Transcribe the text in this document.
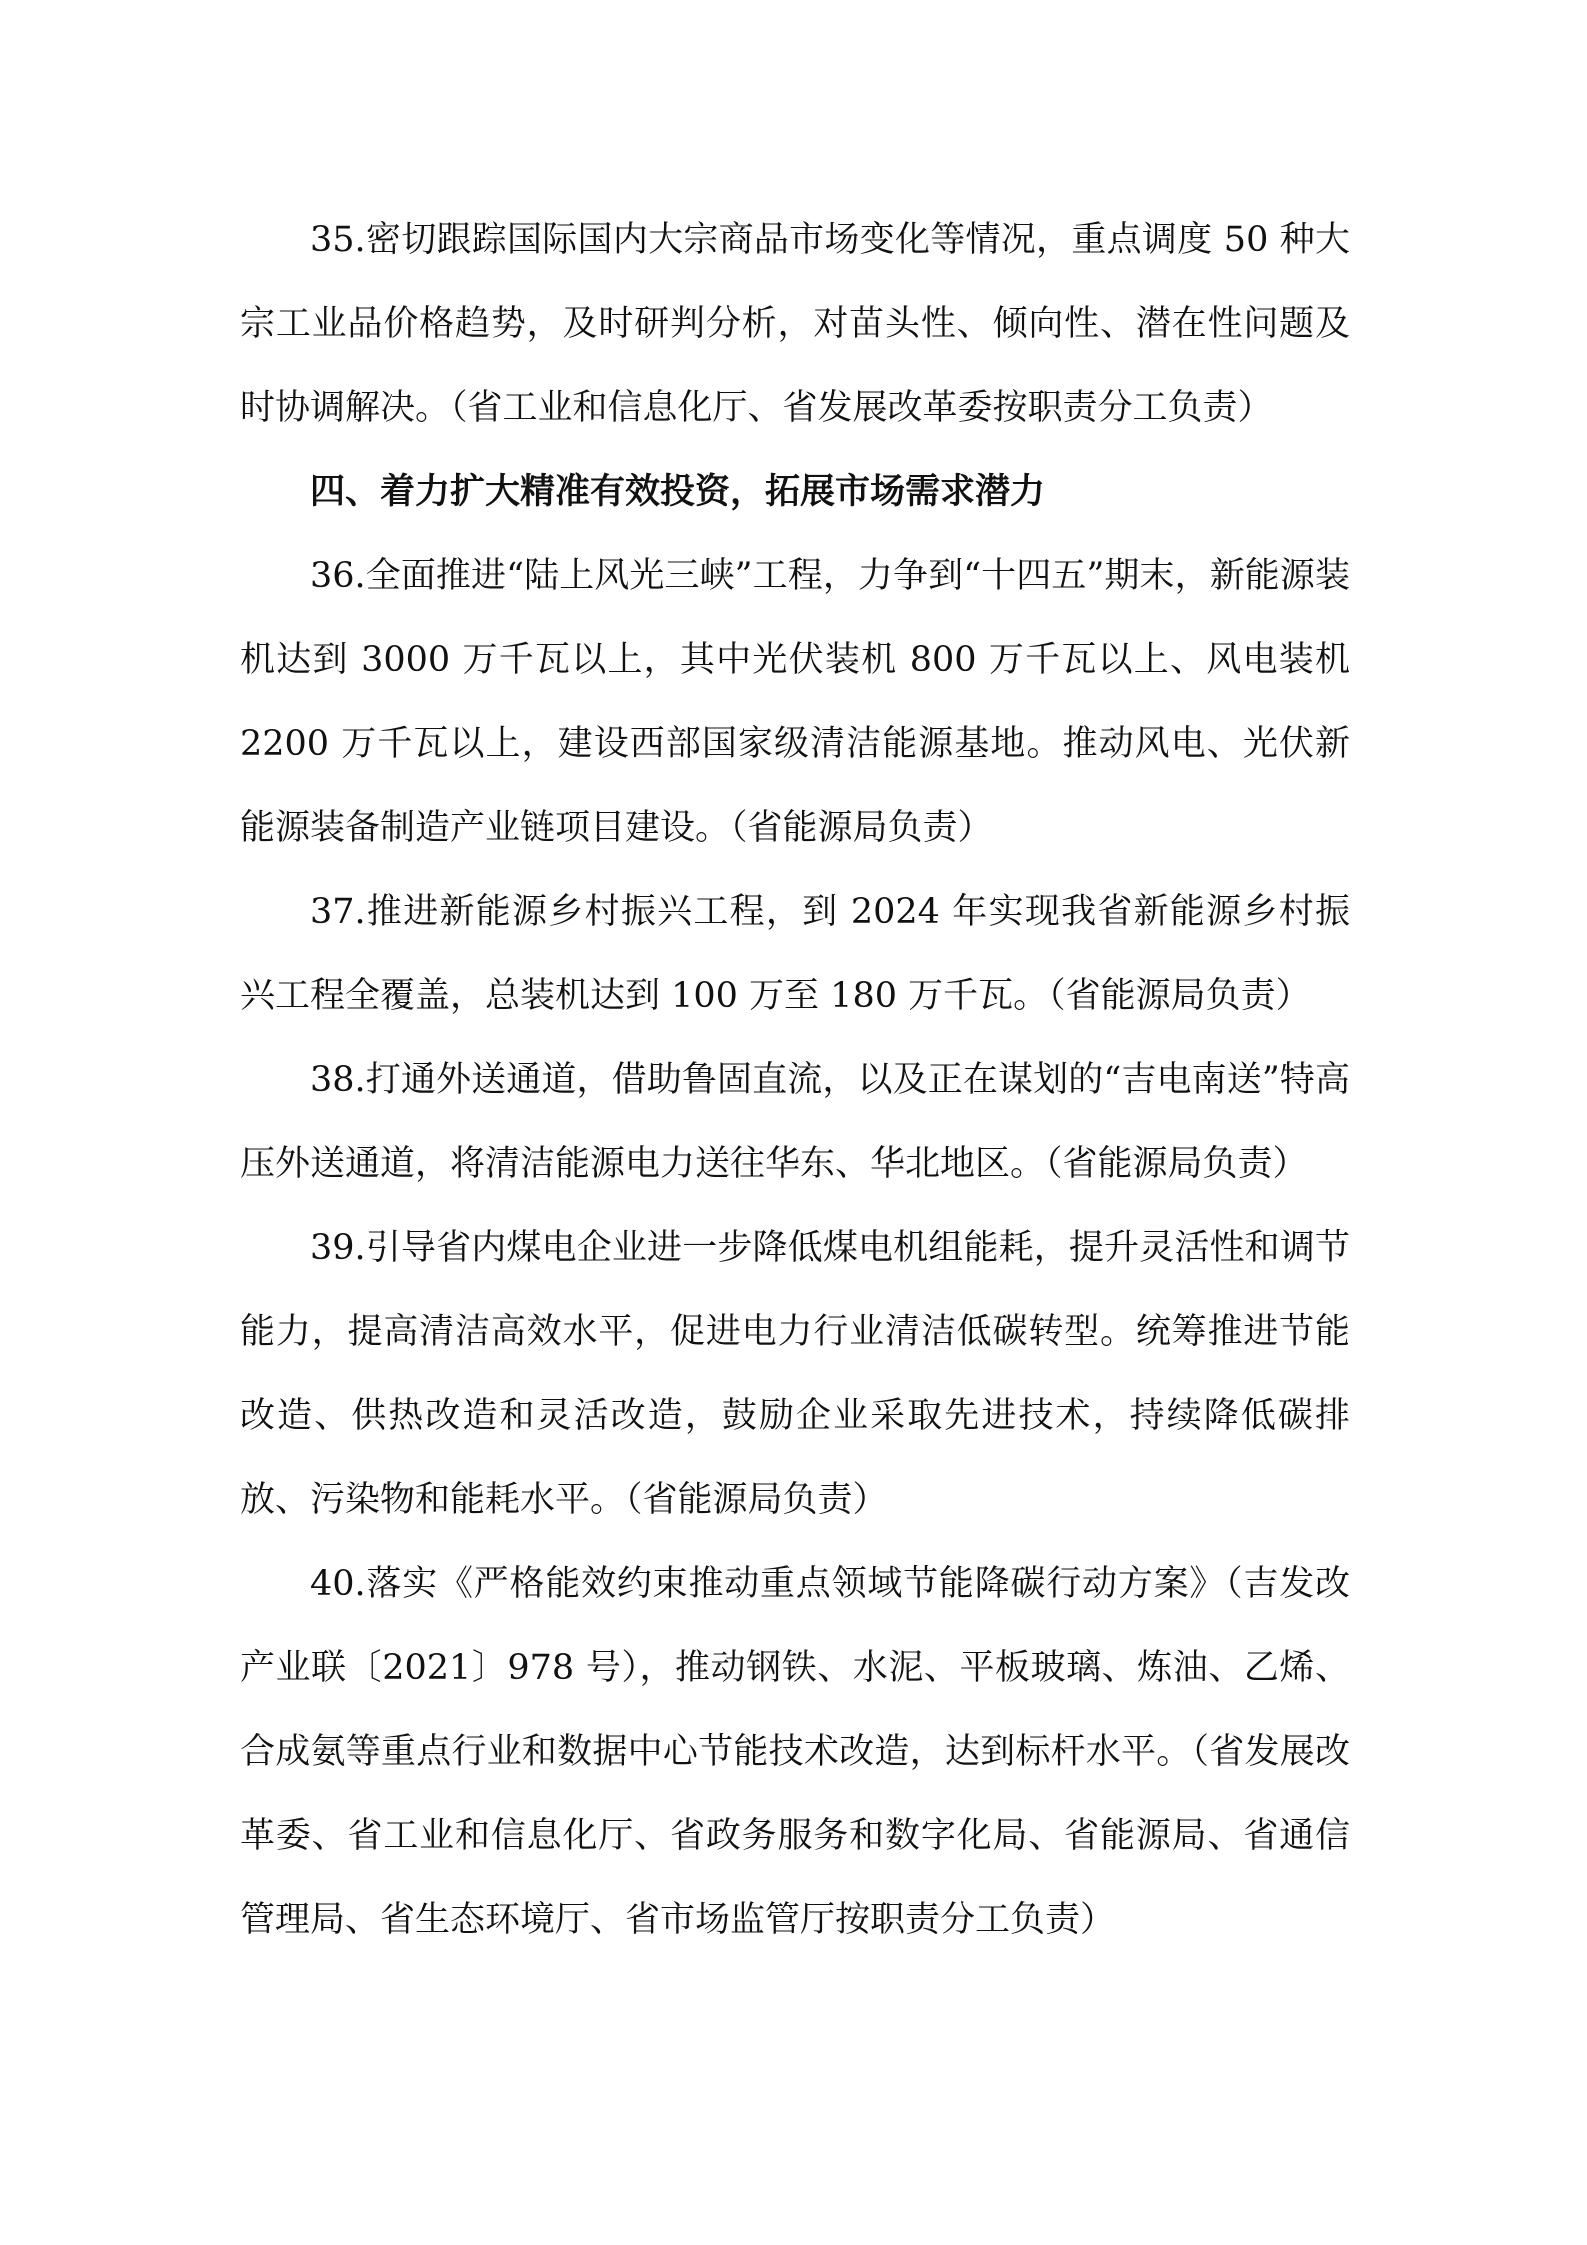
35.密切跟踪国际国内大宗商品市场变化等情况，重点调度 50 种大宗工业品价格趋势，及时研判分析，对苗头性、倾向性、潜在性问题及时协调解决。（省工业和信息化厅、省发展改革委按职责分工负责）

四、着力扩大精准有效投资，拓展市场需求潜力

36.全面推进“陆上风光三峡”工程，力争到“十四五”期末，新能源装机达到 3000 万千瓦以上，其中光伏装机 800 万千瓦以上、风电装机 2200 万千瓦以上，建设西部国家级清洁能源基地。推动风电、光伏新能源装备制造产业链项目建设。（省能源局负责）

37.推进新能源乡村振兴工程，到 2024 年实现我省新能源乡村振兴工程全覆盖，总装机达到 100 万至 180 万千瓦。（省能源局负责）

38.打通外送通道，借助鲁固直流，以及正在谋划的“吉电南送”特高压外送通道，将清洁能源电力送往华东、华北地区。（省能源局负责）

39.引导省内煤电企业进一步降低煤电机组能耗，提升灵活性和调节能力，提高清洁高效水平，促进电力行业清洁低碳转型。统筹推进节能改造、供热改造和灵活改造，鼓励企业采取先进技术，持续降低碳排放、污染物和能耗水平。（省能源局负责）

40.落实《严格能效约束推动重点领域节能降碳行动方案》（吉发改产业联〔2021〕978 号），推动钢铁、水泥、平板玻璃、炼油、乙烯、合成氨等重点行业和数据中心节能技术改造，达到标杆水平。（省发展改革委、省工业和信息化厅、省政务服务和数字化局、省能源局、省通信管理局、省生态环境厅、省市场监管厅按职责分工负责）
